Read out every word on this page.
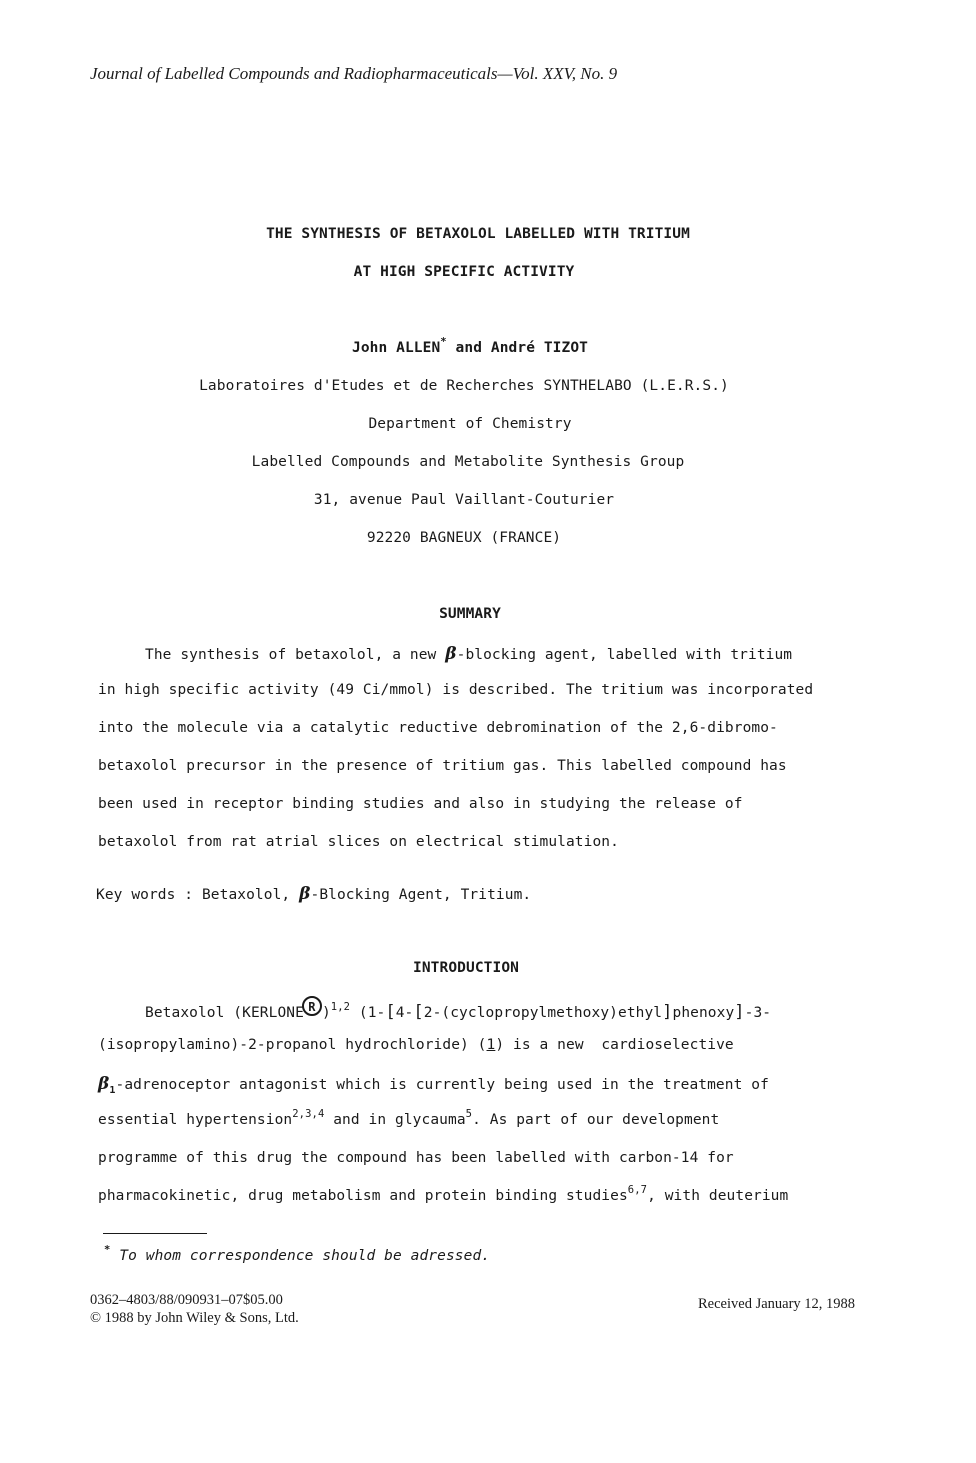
Journal of Labelled Compounds and Radiopharmaceuticals—Vol. XXV, No. 9
THE SYNTHESIS OF BETAXOLOL LABELLED WITH TRITIUM
AT HIGH SPECIFIC ACTIVITY
John ALLEN* and André TIZOT
Laboratoires d'Etudes et de Recherches SYNTHELABO (L.E.R.S.)
Department of Chemistry
Labelled Compounds and Metabolite Synthesis Group
31, avenue Paul Vaillant-Couturier
92220 BAGNEUX (FRANCE)
SUMMARY
The synthesis of betaxolol, a new β-blocking agent, labelled with tritium
in high specific activity (49 Ci/mmol) is described. The tritium was incorporated
into the molecule via a catalytic reductive debromination of the 2,6-dibromo-
betaxolol precursor in the presence of tritium gas. This labelled compound has
been used in receptor binding studies and also in studying the release of
betaxolol from rat atrial slices on electrical stimulation.
Key words : Betaxolol, β-Blocking Agent, Tritium.
INTRODUCTION
Betaxolol (KERLONE R )$^{1,2}$ (1-[4-[2-(cyclopropylmethoxy)ethyl]phenoxy]-3-
(isopropylamino)-2-propanol hydrochloride) (1) is a new  cardioselective
$\beta_1$-adrenoceptor antagonist which is currently being used in the treatment of
essential hypertension$^{2,3,4}$ and in glycauma$^5$. As part of our development
programme of this drug the compound has been labelled with carbon-14 for
pharmacokinetic, drug metabolism and protein binding studies$^{6,7}$, with deuterium
* To whom correspondence should be adressed.
0362–4803/88/090931–07$05.00
© 1988 by John Wiley & Sons, Ltd.
Received January 12, 1988
